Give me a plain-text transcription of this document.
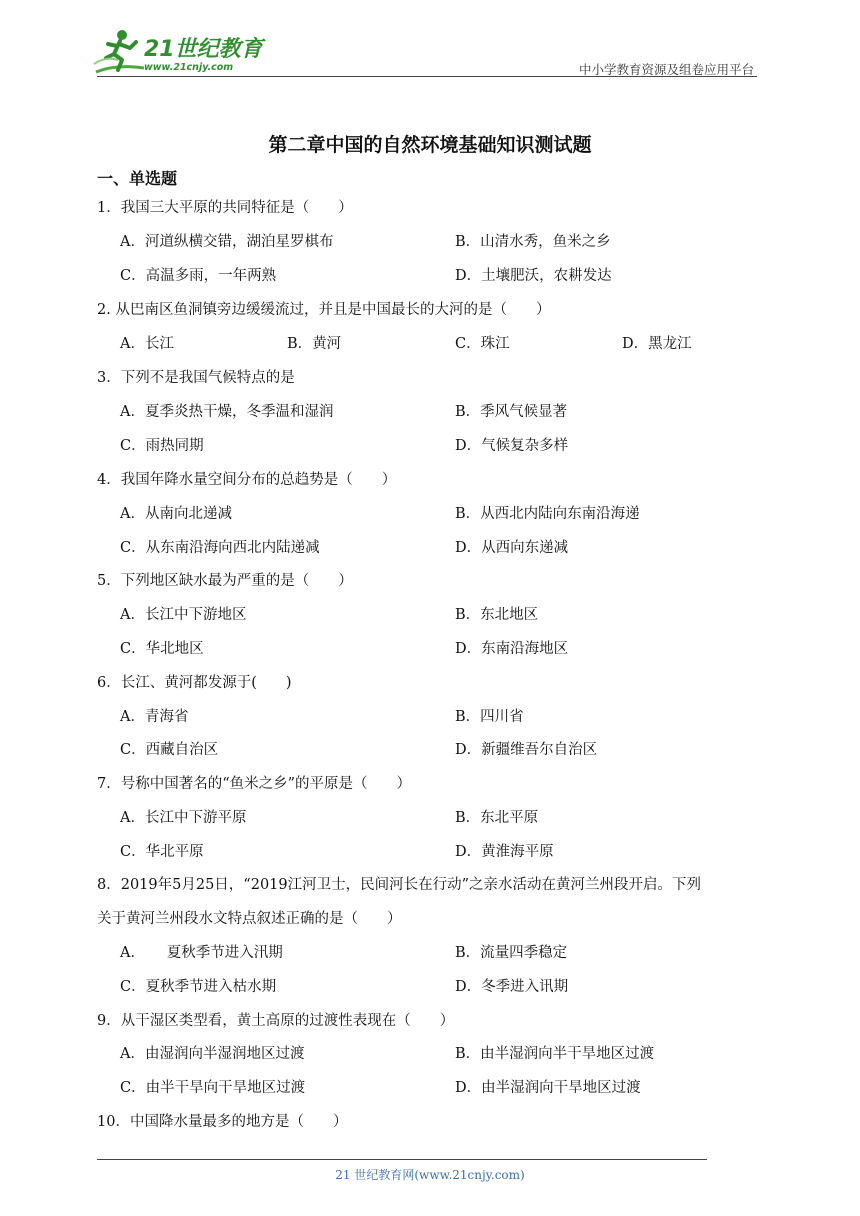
21世纪教育
www.21cnjy.com	中小学教育资源及组卷应用平台
第二章中国的自然环境基础知识测试题
一、单选题
1．我国三大平原的共同特征是（　　）
A．河道纵横交错，湖泊星罗棋布	B．山清水秀，鱼米之乡
C．高温多雨，一年两熟	D．土壤肥沃，农耕发达
2. 从巴南区鱼洞镇旁边缓缓流过，并且是中国最长的大河的是（　　）
A．长江	B．黄河	C．珠江	D．黑龙江
3．下列不是我国气候特点的是
A．夏季炎热干燥，冬季温和湿润	B．季风气候显著
C．雨热同期	D．气候复杂多样
4．我国年降水量空间分布的总趋势是（　　）
A．从南向北递减	B．从西北内陆向东南沿海递
C．从东南沿海向西北内陆递减	D．从西向东递减
5．下列地区缺水最为严重的是（　　）
A．长江中下游地区	B．东北地区
C．华北地区	D．东南沿海地区
6．长江、黄河都发源于(　　)
A．青海省	B．四川省
C．西藏自治区	D．新疆维吾尔自治区
7．号称中国著名的“鱼米之乡”的平原是（　　）
A．长江中下游平原	B．东北平原
C．华北平原	D．黄淮海平原
8．2019年5月25日，“2019江河卫士，民间河长在行动”之亲水活动在黄河兰州段开启。下列
关于黄河兰州段水文特点叙述正确的是（　　）
A．　　夏秋季节进入汛期	B．流量四季稳定
C．夏秋季节进入枯水期	D．冬季进入讯期
9．从干湿区类型看，黄土高原的过渡性表现在（　　）
A．由湿润向半湿润地区过渡	B．由半湿润向半干旱地区过渡
C．由半干旱向干旱地区过渡	D．由半湿润向干旱地区过渡
10．中国降水量最多的地方是（　　）
21 世纪教育网(www.21cnjy.com)
